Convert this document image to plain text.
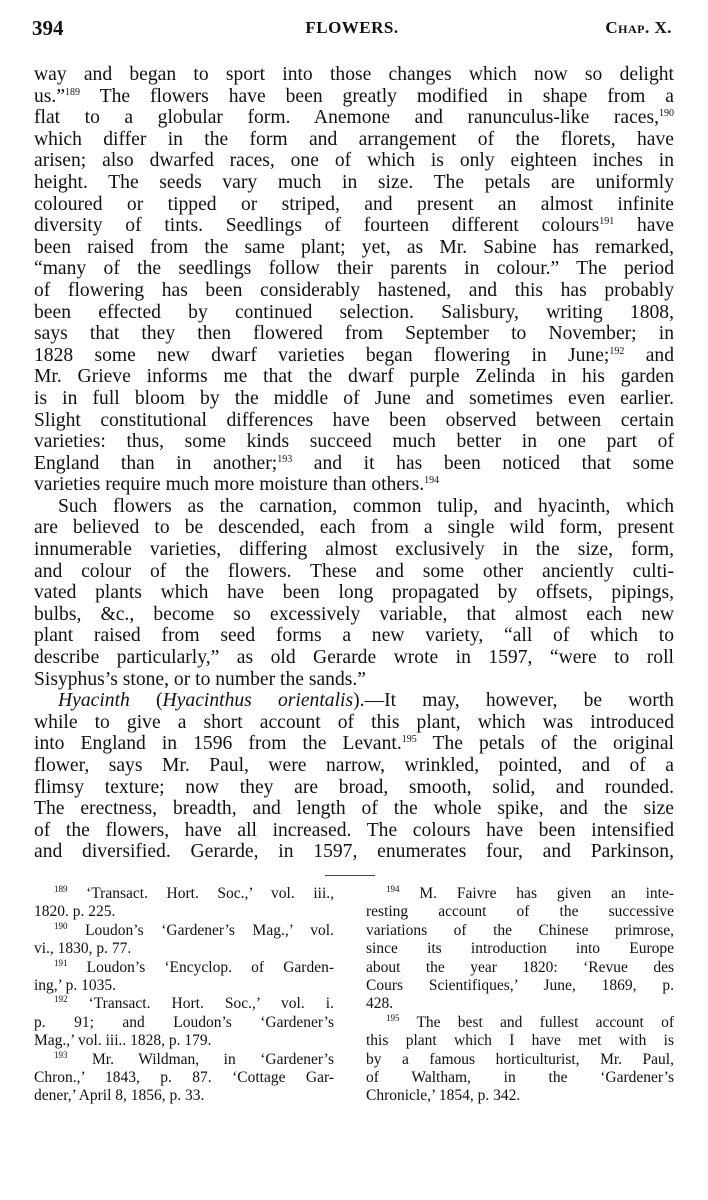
394	FLOWERS.	Chap. X.
way and began to sport into those changes which now so delight
us.”$^{189}$ The flowers have been greatly modified in shape from a
flat to a globular form. Anemone and ranunculus-like races,$^{190}$
which differ in the form and arrangement of the florets, have
arisen; also dwarfed races, one of which is only eighteen inches in
height. The seeds vary much in size. The petals are uniformly
coloured or tipped or striped, and present an almost infinite
diversity of tints. Seedlings of fourteen different colours$^{191}$ have
been raised from the same plant; yet, as Mr. Sabine has remarked,
“many of the seedlings follow their parents in colour.” The period
of flowering has been considerably hastened, and this has probably
been effected by continued selection. Salisbury, writing 1808,
says that they then flowered from September to November; in
1828 some new dwarf varieties began flowering in June;$^{192}$ and
Mr. Grieve informs me that the dwarf purple Zelinda in his garden
is in full bloom by the middle of June and sometimes even earlier.
Slight constitutional differences have been observed between certain
varieties: thus, some kinds succeed much better in one part of
England than in another;$^{193}$ and it has been noticed that some
varieties require much more moisture than others.$^{194}$
Such flowers as the carnation, common tulip, and hyacinth, which
are believed to be descended, each from a single wild form, present
innumerable varieties, differing almost exclusively in the size, form,
and colour of the flowers. These and some other anciently culti-
vated plants which have been long propagated by offsets, pipings,
bulbs, &c., become so excessively variable, that almost each new
plant raised from seed forms a new variety, “all of which to
describe particularly,” as old Gerarde wrote in 1597, “were to roll
Sisyphus’s stone, or to number the sands.”
Hyacinth (Hyacinthus orientalis).—It may, however, be worth
while to give a short account of this plant, which was introduced
into England in 1596 from the Levant.$^{195}$ The petals of the original
flower, says Mr. Paul, were narrow, wrinkled, pointed, and of a
flimsy texture; now they are broad, smooth, solid, and rounded.
The erectness, breadth, and length of the whole spike, and the size
of the flowers, have all increased. The colours have been intensified
and diversified. Gerarde, in 1597, enumerates four, and Parkinson,
$^{189}$ ‘Transact. Hort. Soc.,’ vol. iii.,
1820. p. 225.
$^{190}$ Loudon’s ‘Gardener’s Mag.,’ vol.
vi., 1830, p. 77.
$^{191}$ Loudon’s ‘Encyclop. of Garden-
ing,’ p. 1035.
$^{192}$ ‘Transact. Hort. Soc.,’ vol. i.
p. 91; and Loudon’s ‘Gardener’s
Mag.,’ vol. iii.. 1828, p. 179.
$^{193}$ Mr. Wildman, in ‘Gardener’s
Chron.,’ 1843, p. 87. ‘Cottage Gar-
dener,’ April 8, 1856, p. 33.
$^{194}$ M. Faivre has given an inte-
resting account of the successive
variations of the Chinese primrose,
since its introduction into Europe
about the year 1820: ‘Revue des
Cours Scientifiques,’ June, 1869, p.
428.
$^{195}$ The best and fullest account of
this plant which I have met with is
by a famous horticulturist, Mr. Paul,
of Waltham, in the ‘Gardener’s
Chronicle,’ 1854, p. 342.
